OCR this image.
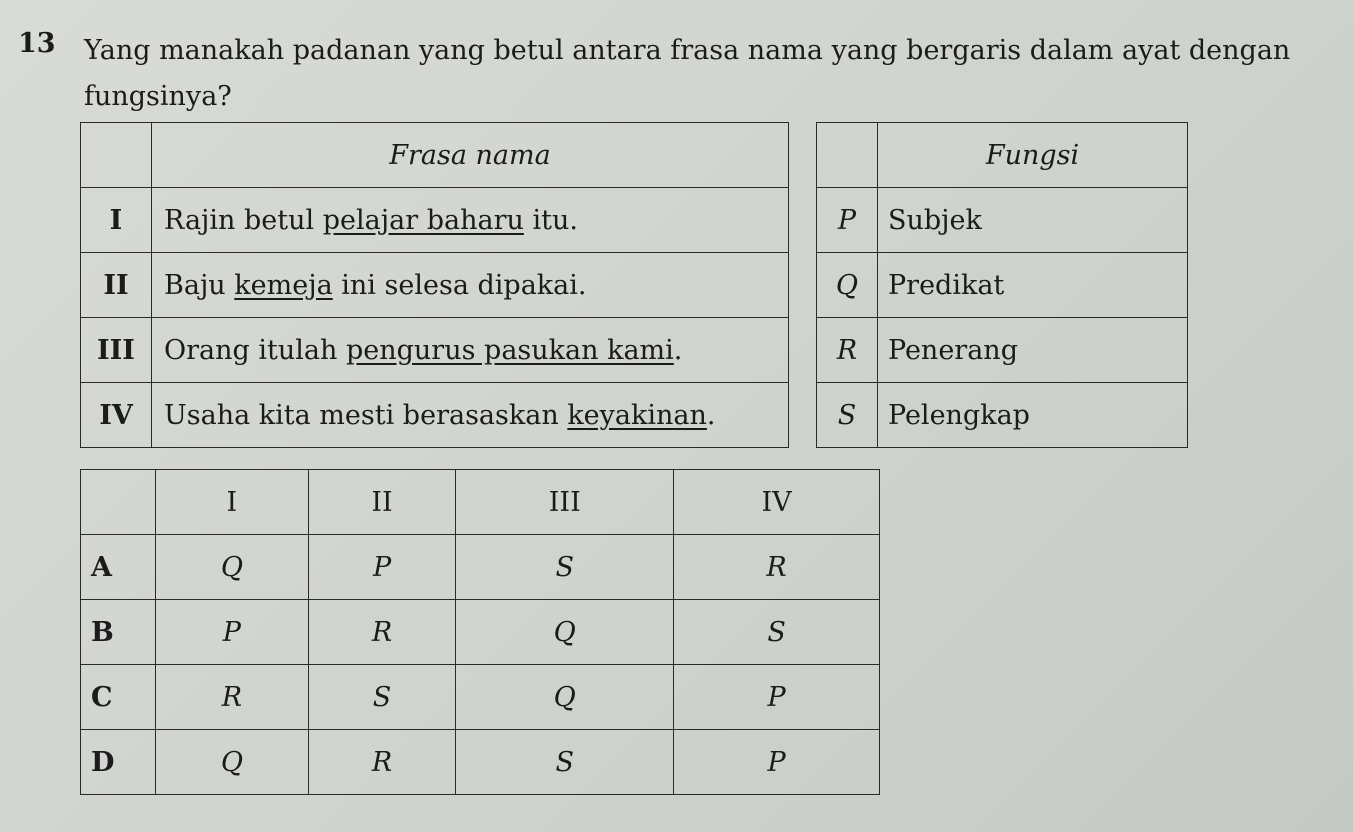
13 Yang manakah padanan yang betul antara frasa nama yang bergaris dalam ayat dengan fungsinya?
	Frasa nama
I	Rajin betul pelajar baharu itu.
II	Baju kemeja ini selesa dipakai.
III	Orang itulah pengurus pasukan kami.
IV	Usaha kita mesti berasaskan keyakinan.
	Fungsi
P	Subjek
Q	Predikat
R	Penerang
S	Pelengkap
	I	II	III	IV
A	Q	P	S	R
B	P	R	Q	S
C	R	S	Q	P
D	Q	R	S	P
